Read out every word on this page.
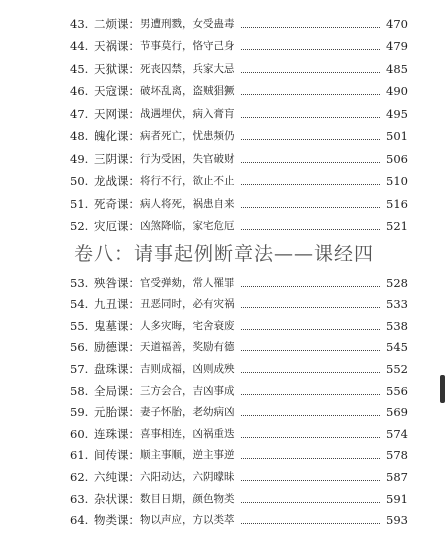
43. 二烦课： 男遭刑戮，女受蛊毒	470
44. 天祸课： 节事莫行，恪守己身	479
45. 天狱课： 死丧囚禁，兵家大忌	485
46. 天寇课： 破坏乱离，盗贼猖獗	490
47. 天网课： 战遇埋伏，病入膏肓	495
48. 魄化课： 病者死亡，忧患频仍	501
49. 三阴课： 行为受困，失官破财	506
50. 龙战课： 将行不行，欲止不止	510
51. 死奇课： 病人将死，祸患自来	516
52. 灾厄课： 凶煞降临，家宅危厄	521
卷八：请事起例断章法——课经四
53. 殃咎课： 官受弹劾，常人罹罪	528
54. 九丑课： 丑恶同时，必有灾祸	533
55. 鬼墓课： 人多灾晦，宅舍衰废	538
56. 励德课： 天道福善，奖励有德	545
57. 盘珠课： 吉则成福，凶则成殃	552
58. 全局课： 三方会合，吉凶事成	556
59. 元胎课： 妻子怀胎，老幼病凶	569
60. 连珠课： 喜事相连，凶祸重迭	574
61. 间传课： 顺主事顺，逆主事逆	578
62. 六纯课： 六阳动达，六阴曚昧	587
63. 杂状课： 数目日期，颜色物类	591
64. 物类课： 物以声应，方以类萃	593
